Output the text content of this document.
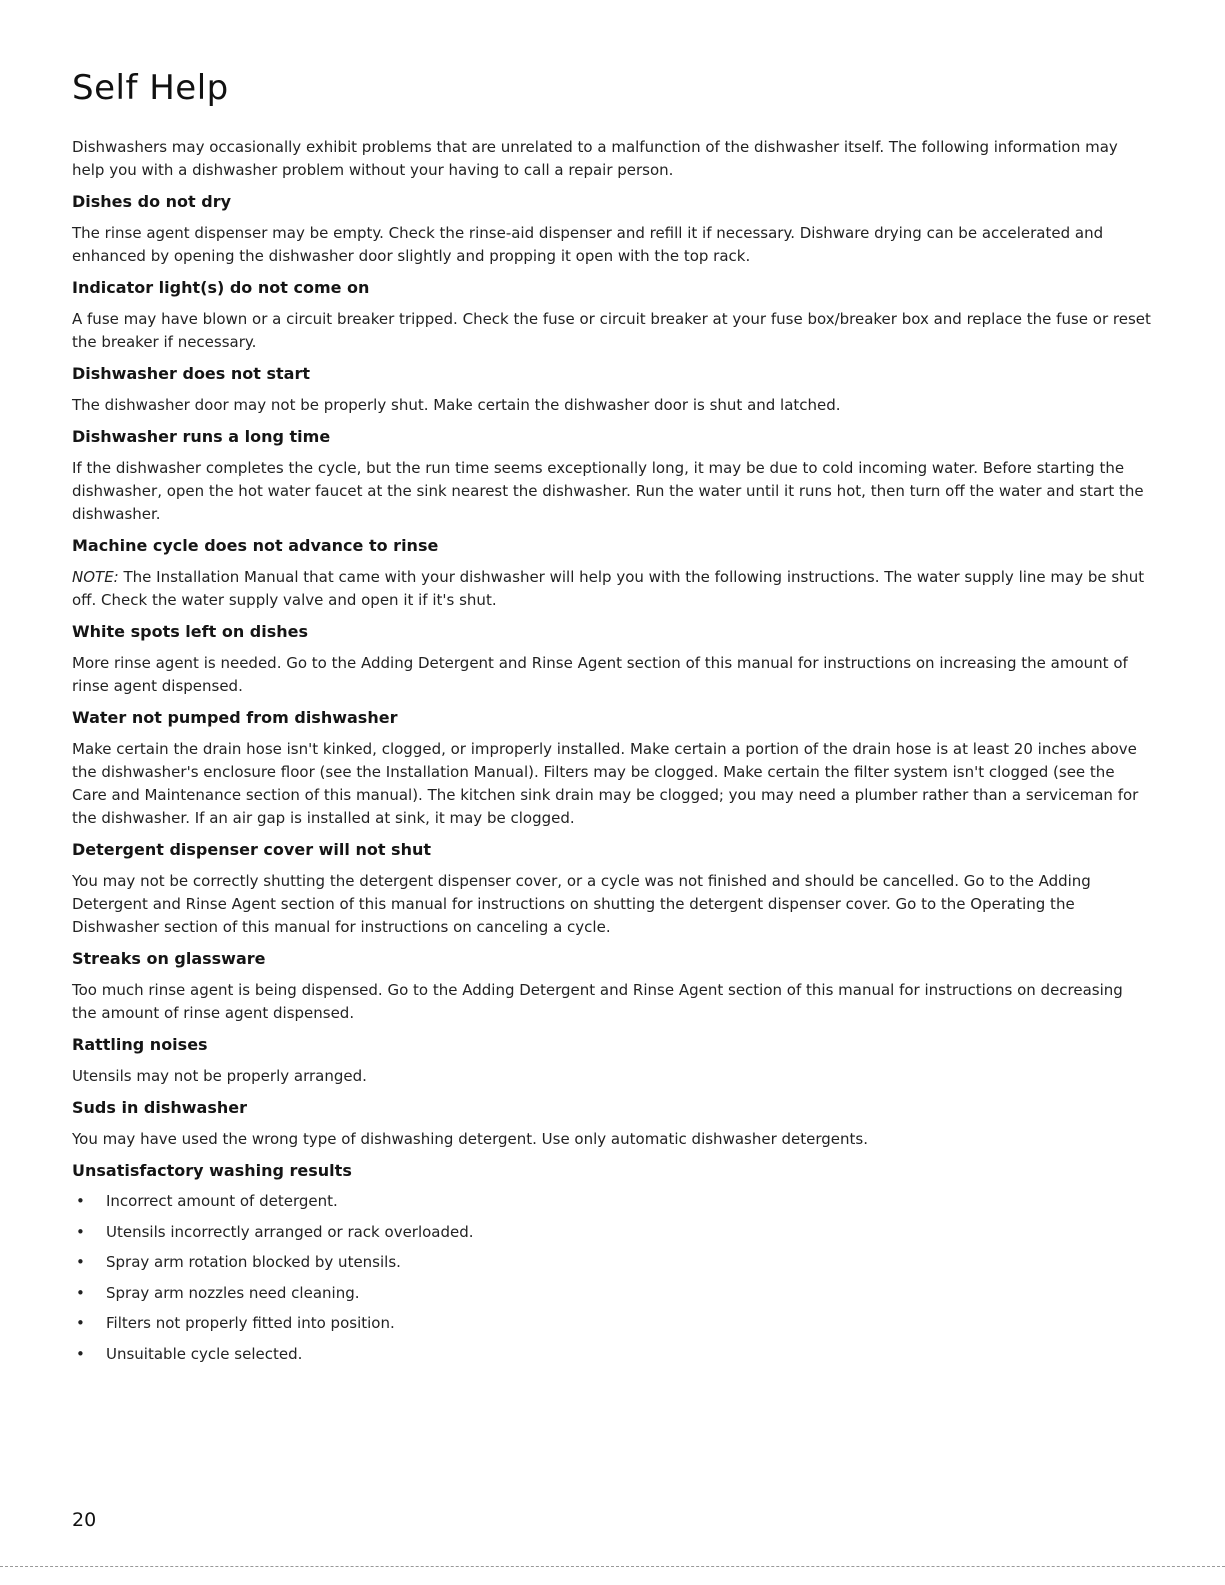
Self Help

Dishwashers may occasionally exhibit problems that are unrelated to a malfunction of the dishwasher itself. The following information may help you with a dishwasher problem without your having to call a repair person.

Dishes do not dry

The rinse agent dispenser may be empty. Check the rinse-aid dispenser and refill it if necessary. Dishware drying can be accelerated and enhanced by opening the dishwasher door slightly and propping it open with the top rack.

Indicator light(s) do not come on

A fuse may have blown or a circuit breaker tripped. Check the fuse or circuit breaker at your fuse box/breaker box and replace the fuse or reset the breaker if necessary.

Dishwasher does not start

The dishwasher door may not be properly shut. Make certain the dishwasher door is shut and latched.

Dishwasher runs a long time

If the dishwasher completes the cycle, but the run time seems exceptionally long, it may be due to cold incoming water. Before starting the dishwasher, open the hot water faucet at the sink nearest the dishwasher. Run the water until it runs hot, then turn off the water and start the dishwasher.

Machine cycle does not advance to rinse

NOTE: The Installation Manual that came with your dishwasher will help you with the following instructions. The water supply line may be shut off. Check the water supply valve and open it if it's shut.

White spots left on dishes

More rinse agent is needed. Go to the Adding Detergent and Rinse Agent section of this manual for instructions on increasing the amount of rinse agent dispensed.

Water not pumped from dishwasher

Make certain the drain hose isn't kinked, clogged, or improperly installed. Make certain a portion of the drain hose is at least 20 inches above the dishwasher's enclosure floor (see the Installation Manual). Filters may be clogged. Make certain the filter system isn't clogged (see the Care and Maintenance section of this manual). The kitchen sink drain may be clogged; you may need a plumber rather than a serviceman for the dishwasher. If an air gap is installed at sink, it may be clogged.

Detergent dispenser cover will not shut

You may not be correctly shutting the detergent dispenser cover, or a cycle was not finished and should be cancelled. Go to the Adding Detergent and Rinse Agent section of this manual for instructions on shutting the detergent dispenser cover. Go to the Operating the Dishwasher section of this manual for instructions on canceling a cycle.

Streaks on glassware

Too much rinse agent is being dispensed. Go to the Adding Detergent and Rinse Agent section of this manual for instructions on decreasing the amount of rinse agent dispensed.

Rattling noises

Utensils may not be properly arranged.

Suds in dishwasher

You may have used the wrong type of dishwashing detergent. Use only automatic dishwasher detergents.

Unsatisfactory washing results
•	Incorrect amount of detergent.
•	Utensils incorrectly arranged or rack overloaded.
•	Spray arm rotation blocked by utensils.
•	Spray arm nozzles need cleaning.
•	Filters not properly fitted into position.
•	Unsuitable cycle selected.
20
